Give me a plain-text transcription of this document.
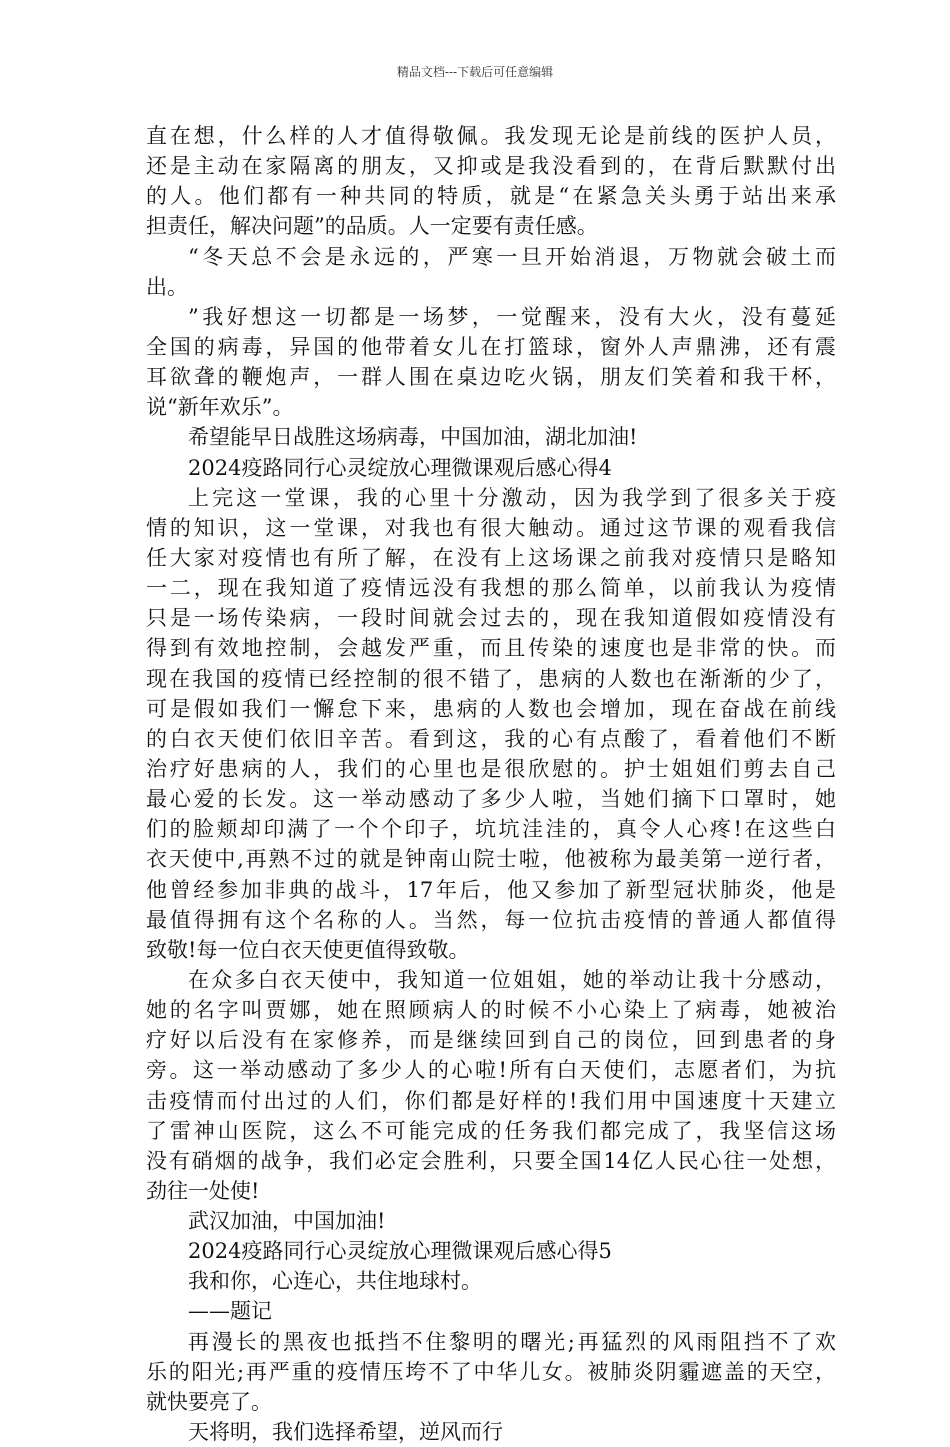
精品文档---下载后可任意编辑
直在想，什么样的人才值得敬佩。我发现无论是前线的医护人员，
还是主动在家隔离的朋友，又抑或是我没看到的，在背后默默付出
的人。他们都有一种共同的特质，就是“在紧急关头勇于站出来承
担责任，解决问题”的品质。人一定要有责任感。
“冬天总不会是永远的，严寒一旦开始消退，万物就会破土而
出。
”我好想这一切都是一场梦，一觉醒来，没有大火，没有蔓延
全国的病毒，异国的他带着女儿在打篮球，窗外人声鼎沸，还有震
耳欲聋的鞭炮声，一群人围在桌边吃火锅，朋友们笑着和我干杯，
说“新年欢乐”。
希望能早日战胜这场病毒，中国加油，湖北加油!
2024疫路同行心灵绽放心理微课观后感心得4
上完这一堂课，我的心里十分激动，因为我学到了很多关于疫
情的知识，这一堂课，对我也有很大触动。通过这节课的观看我信
任大家对疫情也有所了解，在没有上这场课之前我对疫情只是略知
一二，现在我知道了疫情远没有我想的那么简单，以前我认为疫情
只是一场传染病，一段时间就会过去的，现在我知道假如疫情没有
得到有效地控制，会越发严重，而且传染的速度也是非常的快。而
现在我国的疫情已经控制的很不错了，患病的人数也在渐渐的少了，
可是假如我们一懈怠下来，患病的人数也会增加，现在奋战在前线
的白衣天使们依旧辛苦。看到这，我的心有点酸了，看着他们不断
治疗好患病的人，我们的心里也是很欣慰的。护士姐姐们剪去自己
最心爱的长发。这一举动感动了多少人啦，当她们摘下口罩时，她
们的脸颊却印满了一个个印子，坑坑洼洼的，真令人心疼!在这些白
衣天使中,再熟不过的就是钟南山院士啦，他被称为最美第一逆行者，
他曾经参加非典的战斗，17年后，他又参加了新型冠状肺炎，他是
最值得拥有这个名称的人。当然，每一位抗击疫情的普通人都值得
致敬!每一位白衣天使更值得致敬。
在众多白衣天使中，我知道一位姐姐，她的举动让我十分感动，
她的名字叫贾娜，她在照顾病人的时候不小心染上了病毒，她被治
疗好以后没有在家修养，而是继续回到自己的岗位，回到患者的身
旁。这一举动感动了多少人的心啦!所有白天使们，志愿者们，为抗
击疫情而付出过的人们，你们都是好样的!我们用中国速度十天建立
了雷神山医院，这么不可能完成的任务我们都完成了，我坚信这场
没有硝烟的战争，我们必定会胜利，只要全国14亿人民心往一处想，
劲往一处使!
武汉加油，中国加油!
2024疫路同行心灵绽放心理微课观后感心得5
我和你，心连心，共住地球村。
——题记
再漫长的黑夜也抵挡不住黎明的曙光;再猛烈的风雨阻挡不了欢
乐的阳光;再严重的疫情压垮不了中华儿女。被肺炎阴霾遮盖的天空，
就快要亮了。
天将明，我们选择希望，逆风而行
